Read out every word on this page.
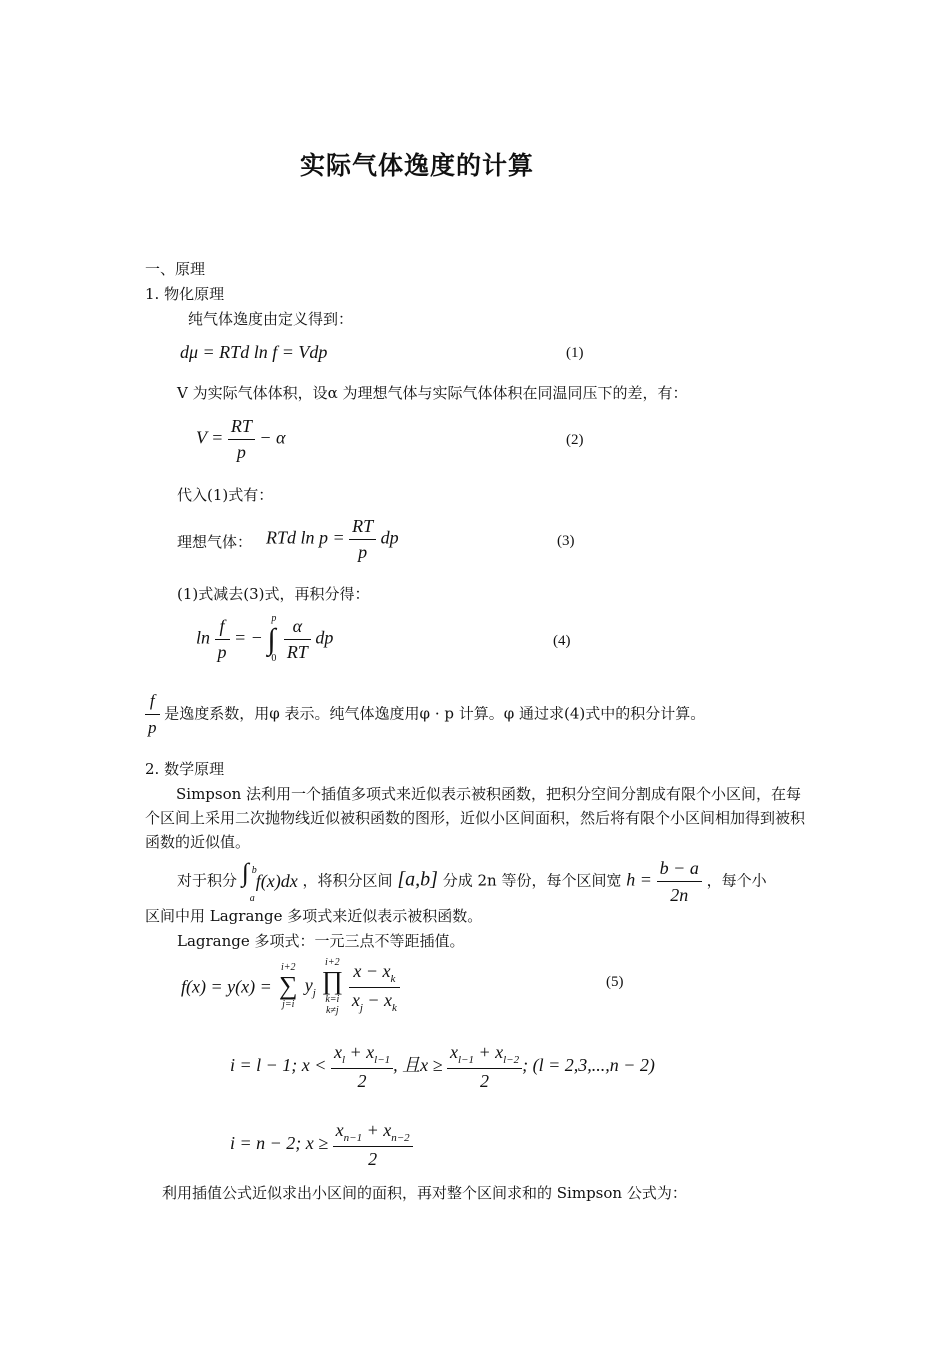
实际气体逸度的计算
一、原理
1. 物化原理
纯气体逸度由定义得到：
dμ = RTd ln f = Vdp	(1)
V 为实际气体体积，设α 为理想气体与实际气体体积在同温同压下的差，有：
$V = \frac{RT}{p} - \alpha$	(2)
代入(1)式有：
理想气体： RTd $\ln p = \frac{RT}{p}$ dp	(3)
(1)式减去(3)式，再积分得：
$\ln \frac{f}{p}$ = − ∫
p
0
$\frac{\alpha}{RT}$ dp	(4)
$\frac{f}{p}$ 是逸度系数，用φ 表示。纯气体逸度用φ · p 计算。φ 通过求(4)式中的积分计算。
2. 数学原理
Simpson 法利用一个插值多项式来近似表示被积函数，把积分空间分割成有限个小区间，在每个区间上采用二次抛物线近似被积函数的图形，近似小区间面积，然后将有限个小区间相加得到被积函数的近似值。
对于积分 ∫ b
a
f(x)dx ，将积分区间 [a,b] 分成 2n 等份，每个区间宽 $h = \frac{b - a}{2n}$ ，每个小
区间中用 Lagrange 多项式来近似表示被积函数。
Lagrange 多项式：一元三点不等距插值。
f(x) = y(x) =
i+2
∑
j=i
$y_j$
i+2
∏
k=i
k≠j
$\frac{x - x_k}{x_j - x_k}$	(5)
i = l − 1; $x < \frac{x_l + x_{l-1}}{2}$ , 且$x \ge \frac{x_{l-1} + x_{l-2}}{2}$ ; (l = 2,3,...,n − 2)
i = n − 2; $x \ge \frac{x_{n-1} + x_{n-2}}{2}$
利用插值公式近似求出小区间的面积，再对整个区间求和的 Simpson 公式为：
